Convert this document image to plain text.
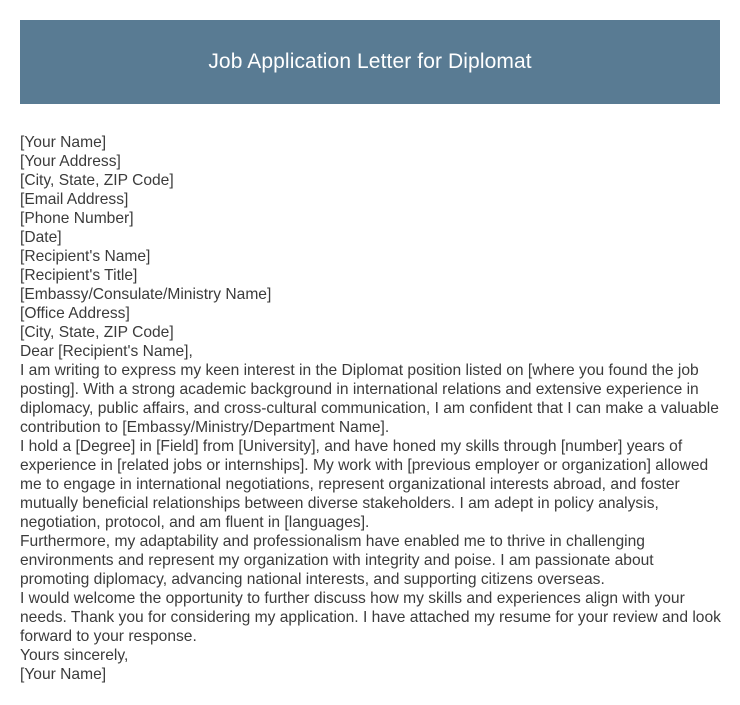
Job Application Letter for Diplomat
[Your Name]
[Your Address]
[City, State, ZIP Code]
[Email Address]
[Phone Number]
[Date]
[Recipient's Name]
[Recipient's Title]
[Embassy/Consulate/Ministry Name]
[Office Address]
[City, State, ZIP Code]
Dear [Recipient's Name],

I am writing to express my keen interest in the Diplomat position listed on [where you found the job posting]. With a strong academic background in international relations and extensive experience in diplomacy, public affairs, and cross-cultural communication, I am confident that I can make a valuable contribution to [Embassy/Ministry/Department Name].

I hold a [Degree] in [Field] from [University], and have honed my skills through [number] years of experience in [related jobs or internships]. My work with [previous employer or organization] allowed me to engage in international negotiations, represent organizational interests abroad, and foster mutually beneficial relationships between diverse stakeholders. I am adept in policy analysis, negotiation, protocol, and am fluent in [languages].

Furthermore, my adaptability and professionalism have enabled me to thrive in challenging environments and represent my organization with integrity and poise. I am passionate about promoting diplomacy, advancing national interests, and supporting citizens overseas.

I would welcome the opportunity to further discuss how my skills and experiences align with your needs. Thank you for considering my application. I have attached my resume for your review and look forward to your response.

Yours sincerely,
[Your Name]
